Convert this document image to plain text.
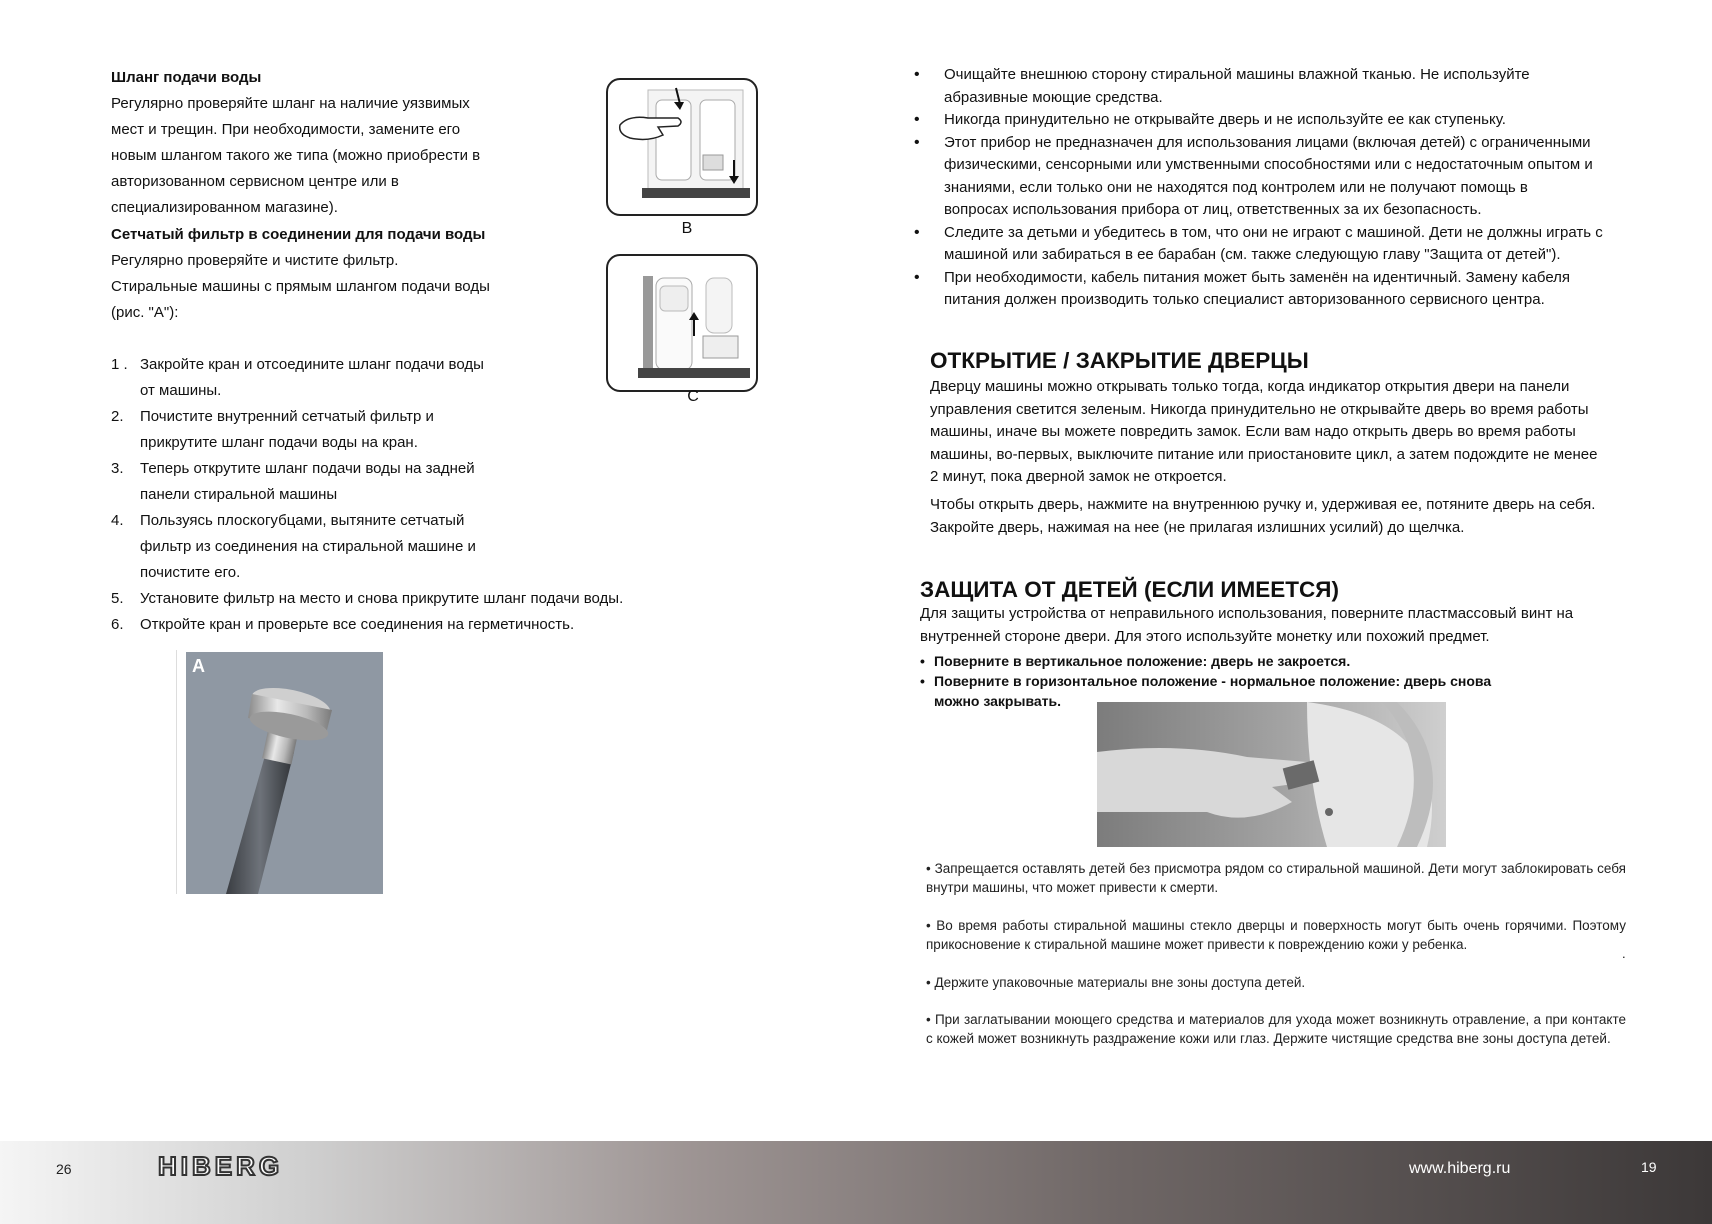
Шланг подачи воды
Регулярно проверяйте шланг на наличие уязвимых
мест и трещин. При необходимости, замените его
новым шлангом такого же типа (можно приобрести в
авторизованном сервисном центре или в
специализированном магазине).
Сетчатый фильтр в соединении для подачи воды
Регулярно проверяйте и чистите фильтр.
Стиральные машины с прямым шлангом подачи воды
(рис. "А"):
1 . Закройте кран и отсоедините шланг подачи воды
от машины.
2. Почистите внутренний сетчатый фильтр и
прикрутите шланг подачи воды на кран.
3. Теперь открутите шланг подачи воды на задней
панели стиральной машины
4. Пользуясь плоскогубцами, вытяните сетчатый
фильтр из соединения на стиральной машине и
почистите его.
5. Установите фильтр на место и снова прикрутите шланг подачи воды.
6. Откройте кран и проверьте все соединения на герметичность.
B
C
A
• Очищайте внешнюю сторону стиральной машины влажной тканью. Не используйте
абразивные моющие средства.
• Никогда принудительно не открывайте дверь и не используйте ее как ступеньку.
• Этот прибор не предназначен для использования лицами (включая детей) с ограниченными
физическими, сенсорными или умственными способностями или с недостаточным опытом и
знаниями, если только они не находятся под контролем или не получают помощь в
вопросах использования прибора от лиц, ответственных за их безопасность.
• Следите за детьми и убедитесь в том, что они не играют с машиной. Дети не должны играть с
машиной или забираться в ее барабан (см. также следующую главу "Защита от детей").
• При необходимости, кабель питания может быть заменён на идентичный. Замену кабеля
питания должен производить только специалист авторизованного сервисного центра.
ОТКРЫТИЕ / ЗАКРЫТИЕ ДВЕРЦЫ
Дверцу машины можно открывать только тогда, когда индикатор открытия двери на панели
управления светится зеленым. Никогда принудительно не открывайте дверь во время работы
машины, иначе вы можете повредить замок. Если вам надо открыть дверь во время работы
машины, во-первых, выключите питание или приостановите цикл, а затем подождите не менее
2 минут, пока дверной замок не откроется.
Чтобы открыть дверь, нажмите на внутреннюю ручку и, удерживая ее, потяните дверь на себя.
Закройте дверь, нажимая на нее (не прилагая излишних усилий) до щелчка.
ЗАЩИТА ОТ ДЕТЕЙ (ЕСЛИ ИМЕЕТСЯ)
Для защиты устройства от неправильного использования, поверните пластмассовый винт на
внутренней стороне двери. Для этого используйте монетку или похожий предмет.
• Поверните в вертикальное положение: дверь не закроется.
• Поверните в горизонтальное положение - нормальное положение: дверь снова
можно закрывать.
• Запрещается оставлять детей без присмотра рядом со стиральной машиной. Дети могут заблокировать себя внутри машины, что может привести к смерти.
• Во время работы стиральной машины стекло дверцы и поверхность могут быть очень горячими. Поэтому прикосновение к стиральной машине может привести к повреждению кожи у ребенка.
.
• Держите упаковочные материалы вне зоны доступа детей.
• При заглатывании моющего средства и материалов для ухода может возникнуть отравление, а при контакте с кожей может возникнуть раздражение кожи или глаз. Держите чистящие средства вне зоны доступа детей.
26	HIBERG	www.hiberg.ru	19
